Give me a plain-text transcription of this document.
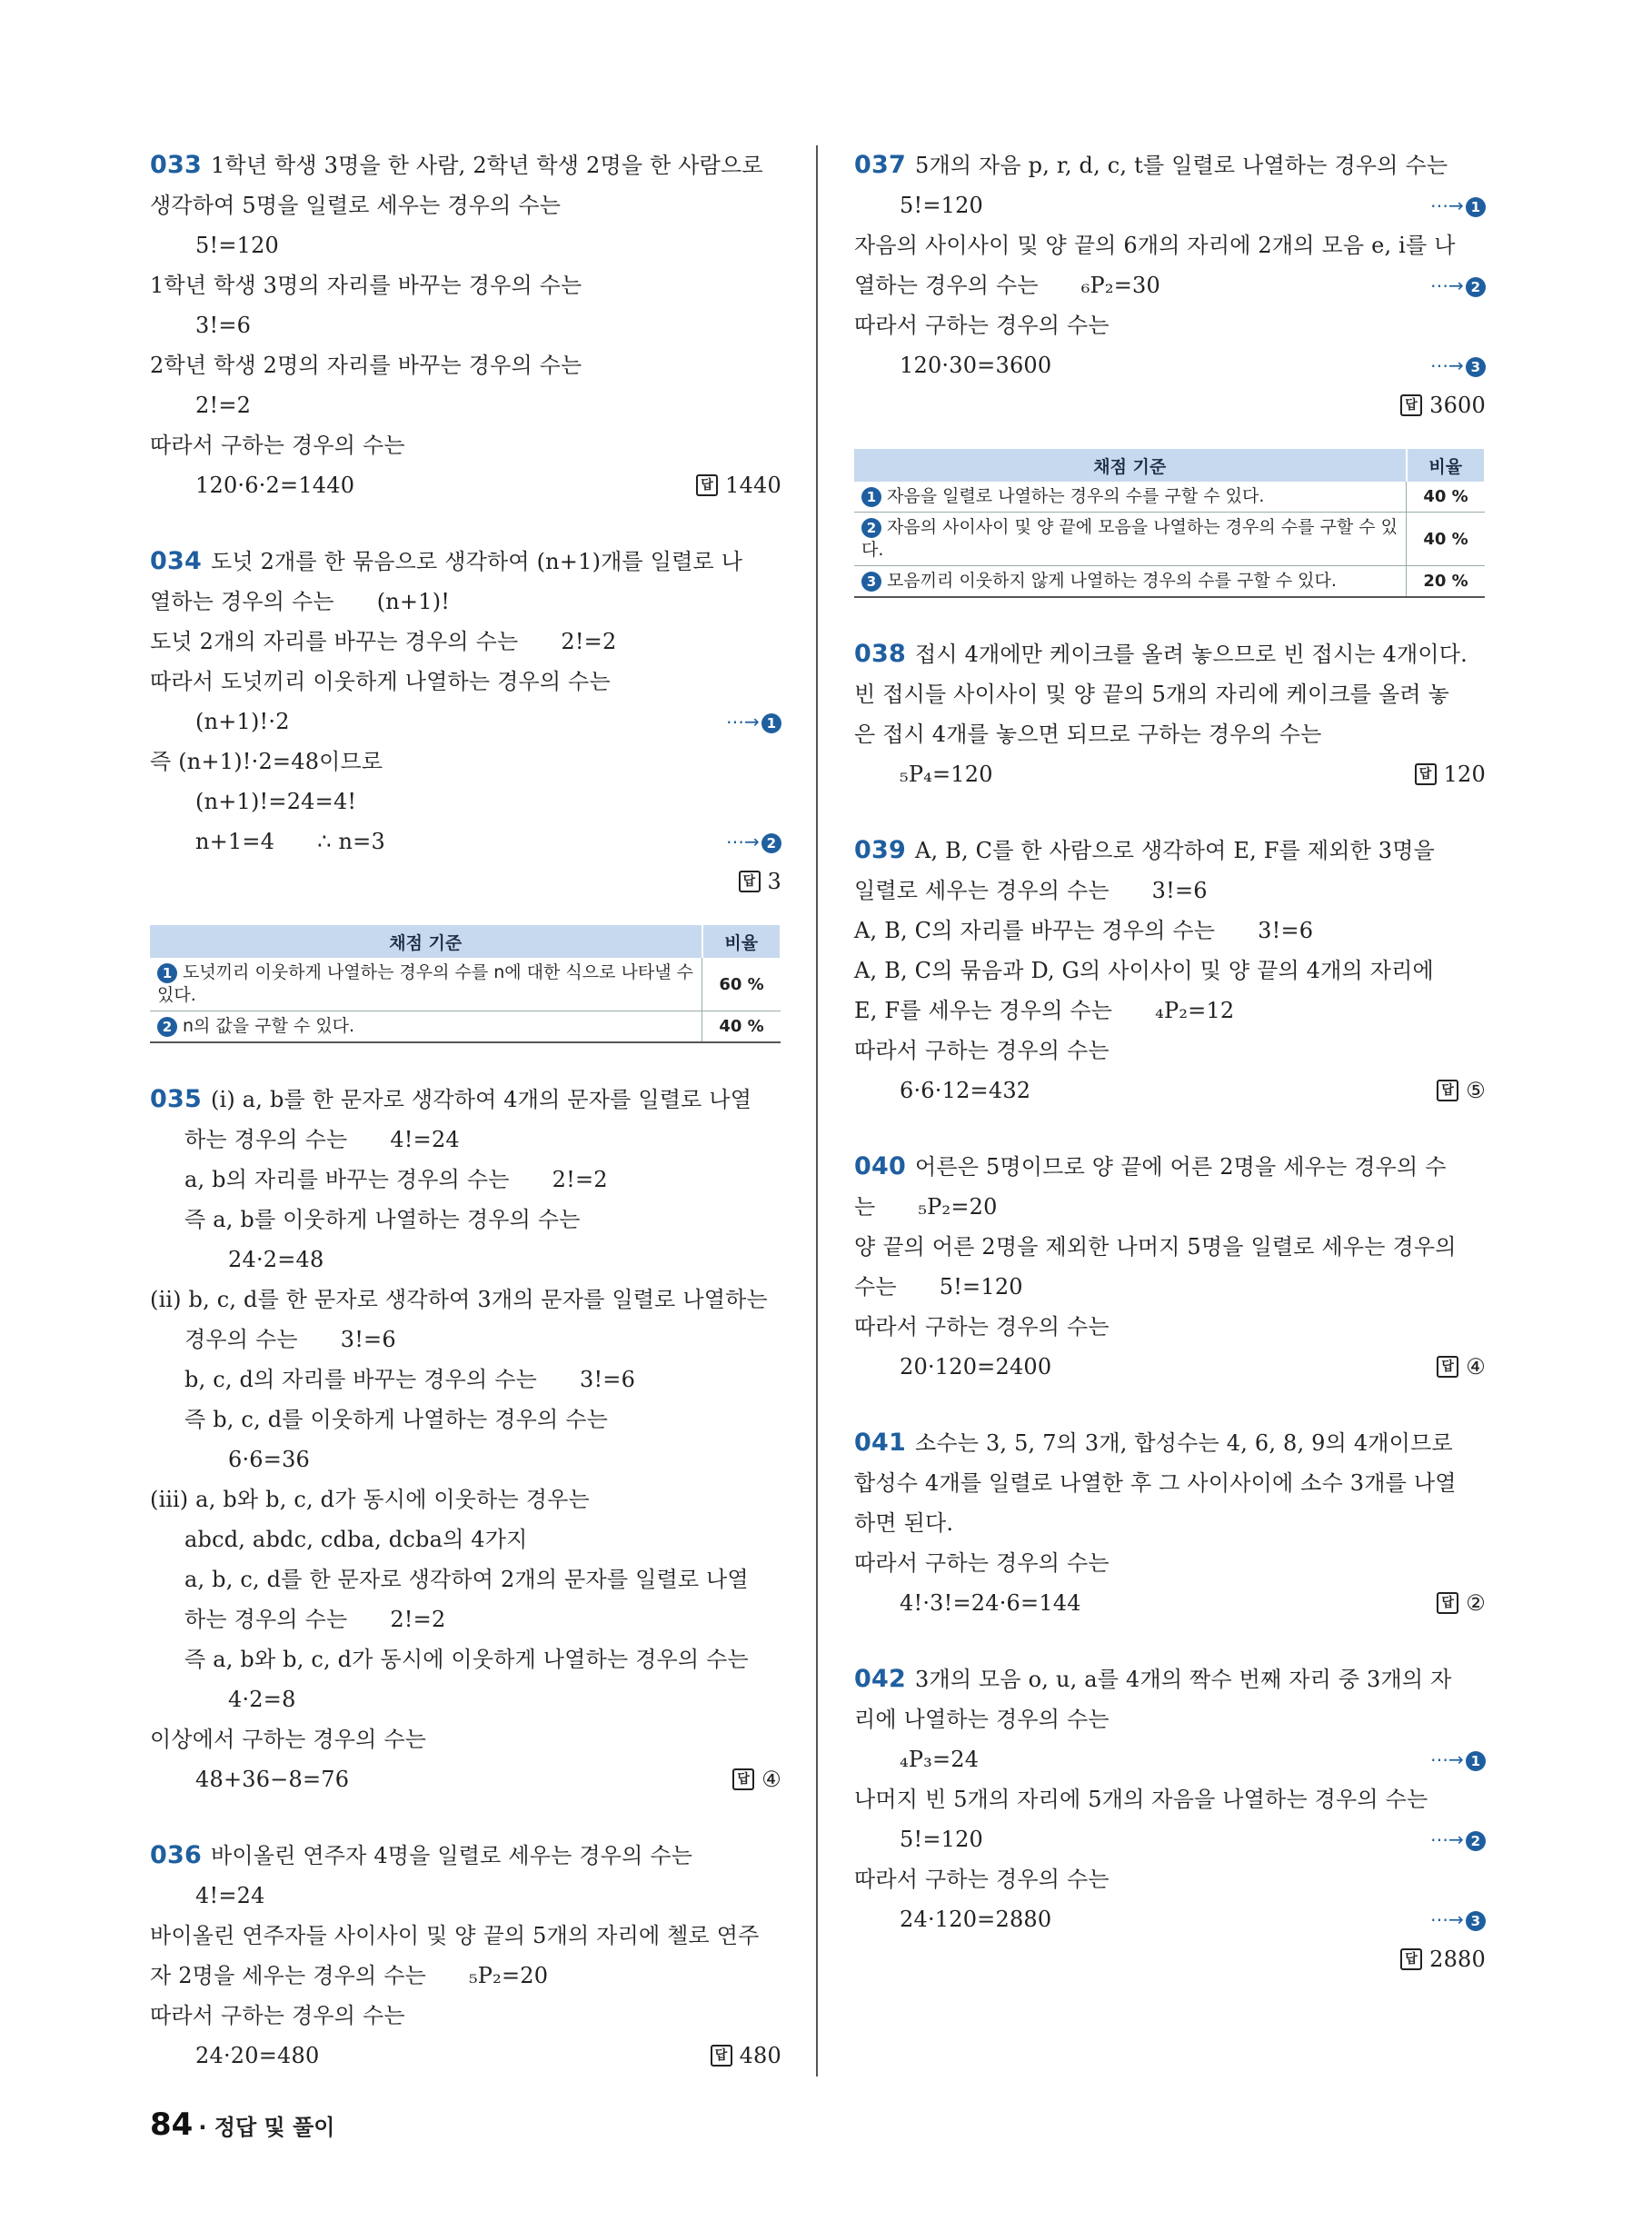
033 1학년 학생 3명을 한 사람, 2학년 학생 2명을 한 사람으로
생각하여 5명을 일렬로 세우는 경우의 수는
5!=120
1학년 학생 3명의 자리를 바꾸는 경우의 수는
3!=6
2학년 학생 2명의 자리를 바꾸는 경우의 수는
2!=2
따라서 구하는 경우의 수는
120·6·2=1440	답 1440
034 도넛 2개를 한 묶음으로 생각하여 (n+1)개를 일렬로 나
열하는 경우의 수는      (n+1)!
도넛 2개의 자리를 바꾸는 경우의 수는      2!=2
따라서 도넛끼리 이웃하게 나열하는 경우의 수는
(n+1)!·2	⋯→ 1
즉 (n+1)!·2=48이므로
(n+1)!=24=4!
n+1=4      ∴ n=3	⋯→ 2
답 3
채점 기준	비율
1 도넛끼리 이웃하게 나열하는 경우의 수를 n에 대한 식으로 나타낼 수 있다.	60 %
2 n의 값을 구할 수 있다.	40 %
035 (ⅰ) a, b를 한 문자로 생각하여 4개의 문자를 일렬로 나열
하는 경우의 수는      4!=24
a, b의 자리를 바꾸는 경우의 수는      2!=2
즉 a, b를 이웃하게 나열하는 경우의 수는
24·2=48
(ⅱ) b, c, d를 한 문자로 생각하여 3개의 문자를 일렬로 나열하는
경우의 수는      3!=6
b, c, d의 자리를 바꾸는 경우의 수는      3!=6
즉 b, c, d를 이웃하게 나열하는 경우의 수는
6·6=36
(ⅲ) a, b와 b, c, d가 동시에 이웃하는 경우는
abcd, abdc, cdba, dcba의 4가지
a, b, c, d를 한 문자로 생각하여 2개의 문자를 일렬로 나열
하는 경우의 수는      2!=2
즉 a, b와 b, c, d가 동시에 이웃하게 나열하는 경우의 수는
4·2=8
이상에서 구하는 경우의 수는
48+36−8=76	답 ④
036 바이올린 연주자 4명을 일렬로 세우는 경우의 수는
4!=24
바이올린 연주자들 사이사이 및 양 끝의 5개의 자리에 첼로 연주
자 2명을 세우는 경우의 수는      ₅P₂=20
따라서 구하는 경우의 수는
24·20=480	답 480
037 5개의 자음 p, r, d, c, t를 일렬로 나열하는 경우의 수는
5!=120	⋯→ 1
자음의 사이사이 및 양 끝의 6개의 자리에 2개의 모음 e, i를 나
열하는 경우의 수는      ₆P₂=30	⋯→ 2
따라서 구하는 경우의 수는
120·30=3600	⋯→ 3
답 3600
채점 기준	비율
1 자음을 일렬로 나열하는 경우의 수를 구할 수 있다.	40 %
2 자음의 사이사이 및 양 끝에 모음을 나열하는 경우의 수를 구할 수 있다.	40 %
3 모음끼리 이웃하지 않게 나열하는 경우의 수를 구할 수 있다.	20 %
038 접시 4개에만 케이크를 올려 놓으므로 빈 접시는 4개이다.
빈 접시들 사이사이 및 양 끝의 5개의 자리에 케이크를 올려 놓
은 접시 4개를 놓으면 되므로 구하는 경우의 수는
₅P₄=120	답 120
039 A, B, C를 한 사람으로 생각하여 E, F를 제외한 3명을
일렬로 세우는 경우의 수는      3!=6
A, B, C의 자리를 바꾸는 경우의 수는      3!=6
A, B, C의 묶음과 D, G의 사이사이 및 양 끝의 4개의 자리에
E, F를 세우는 경우의 수는      ₄P₂=12
따라서 구하는 경우의 수는
6·6·12=432	답 ⑤
040 어른은 5명이므로 양 끝에 어른 2명을 세우는 경우의 수
는      ₅P₂=20
양 끝의 어른 2명을 제외한 나머지 5명을 일렬로 세우는 경우의
수는      5!=120
따라서 구하는 경우의 수는
20·120=2400	답 ④
041 소수는 3, 5, 7의 3개, 합성수는 4, 6, 8, 9의 4개이므로
합성수 4개를 일렬로 나열한 후 그 사이사이에 소수 3개를 나열
하면 된다.
따라서 구하는 경우의 수는
4!·3!=24·6=144	답 ②
042 3개의 모음 o, u, a를 4개의 짝수 번째 자리 중 3개의 자
리에 나열하는 경우의 수는
₄P₃=24	⋯→ 1
나머지 빈 5개의 자리에 5개의 자음을 나열하는 경우의 수는
5!=120	⋯→ 2
따라서 구하는 경우의 수는
24·120=2880	⋯→ 3
답 2880
84 · 정답 및 풀이
